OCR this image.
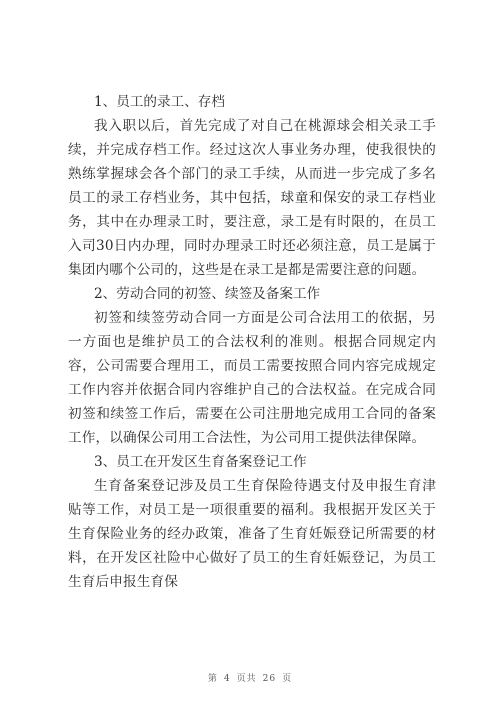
1、员工的录工、存档

我入职以后，首先完成了对自己在桃源球会相关录工手续，并完成存档工作。经过这次人事业务办理，使我很快的熟练掌握球会各个部门的录工手续，从而进一步完成了多名员工的录工存档业务，其中包括，球童和保安的录工存档业务，其中在办理录工时，要注意，录工是有时限的，在员工入司30日内办理，同时办理录工时还必须注意，员工是属于集团内哪个公司的，这些是在录工是都是需要注意的问题。

2、劳动合同的初签、续签及备案工作

初签和续签劳动合同一方面是公司合法用工的依据，另一方面也是维护员工的合法权利的准则。根据合同规定内容，公司需要合理用工，而员工需要按照合同内容完成规定工作内容并依据合同内容维护自己的合法权益。在完成合同初签和续签工作后，需要在公司注册地完成用工合同的备案工作，以确保公司用工合法性，为公司用工提供法律保障。

3、员工在开发区生育备案登记工作

生育备案登记涉及员工生育保险待遇支付及申报生育津贴等工作，对员工是一项很重要的福利。我根据开发区关于生育保险业务的经办政策，准备了生育妊娠登记所需要的材料，在开发区社险中心做好了员工的生育妊娠登记，为员工生育后申报生育保

第 4 页共 26 页
